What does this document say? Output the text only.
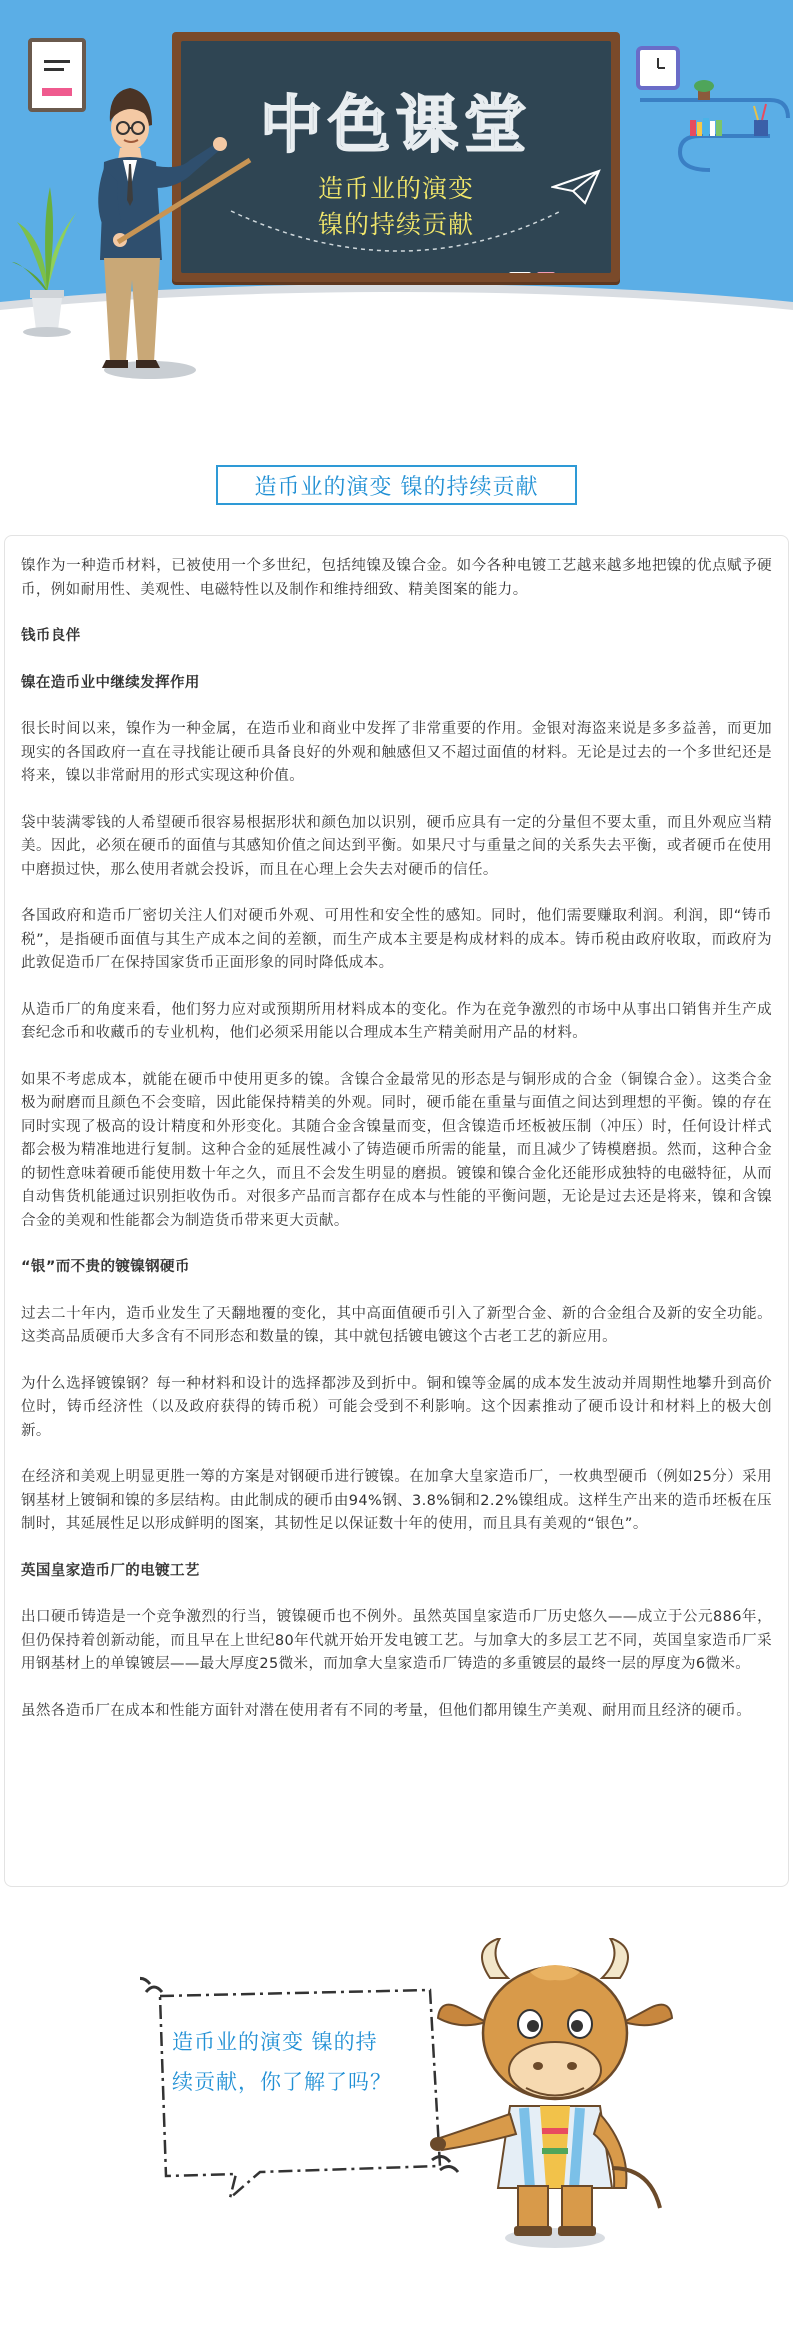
中色课堂
造币业的演变
镍的持续贡献
造币业的演变 镍的持续贡献

镍作为一种造币材料，已被使用一个多世纪，包括纯镍及镍合金。如今各种电镀工艺越来越多地把镍的优点赋予硬币，例如耐用性、美观性、电磁特性以及制作和维持细致、精美图案的能力。

钱币良伴

镍在造币业中继续发挥作用

很长时间以来，镍作为一种金属，在造币业和商业中发挥了非常重要的作用。金银对海盗来说是多多益善，而更加现实的各国政府一直在寻找能让硬币具备良好的外观和触感但又不超过面值的材料。无论是过去的一个多世纪还是将来，镍以非常耐用的形式实现这种价值。

袋中装满零钱的人希望硬币很容易根据形状和颜色加以识别，硬币应具有一定的分量但不要太重，而且外观应当精美。因此，必须在硬币的面值与其感知价值之间达到平衡。如果尺寸与重量之间的关系失去平衡，或者硬币在使用中磨损过快，那么使用者就会投诉，而且在心理上会失去对硬币的信任。

各国政府和造币厂密切关注人们对硬币外观、可用性和安全性的感知。同时，他们需要赚取利润。利润，即“铸币税”，是指硬币面值与其生产成本之间的差额，而生产成本主要是构成材料的成本。铸币税由政府收取，而政府为此敦促造币厂在保持国家货币正面形象的同时降低成本。

从造币厂的角度来看，他们努力应对或预期所用材料成本的变化。作为在竞争激烈的市场中从事出口销售并生产成套纪念币和收藏币的专业机构，他们必须采用能以合理成本生产精美耐用产品的材料。

如果不考虑成本，就能在硬币中使用更多的镍。含镍合金最常见的形态是与铜形成的合金（铜镍合金）。这类合金极为耐磨而且颜色不会变暗，因此能保持精美的外观。同时，硬币能在重量与面值之间达到理想的平衡。镍的存在同时实现了极高的设计精度和外形变化。其随合金含镍量而变，但含镍造币坯板被压制（冲压）时，任何设计样式都会极为精准地进行复制。这种合金的延展性减小了铸造硬币所需的能量，而且减少了铸模磨损。然而，这种合金的韧性意味着硬币能使用数十年之久，而且不会发生明显的磨损。镀镍和镍合金化还能形成独特的电磁特征，从而自动售货机能通过识别拒收伪币。对很多产品而言都存在成本与性能的平衡问题，无论是过去还是将来，镍和含镍合金的美观和性能都会为制造货币带来更大贡献。

“银”而不贵的镀镍钢硬币

过去二十年内，造币业发生了天翻地覆的变化，其中高面值硬币引入了新型合金、新的合金组合及新的安全功能。这类高品质硬币大多含有不同形态和数量的镍，其中就包括镀电镀这个古老工艺的新应用。

为什么选择镀镍钢？每一种材料和设计的选择都涉及到折中。铜和镍等金属的成本发生波动并周期性地攀升到高价位时，铸币经济性（以及政府获得的铸币税）可能会受到不利影响。这个因素推动了硬币设计和材料上的极大创新。

在经济和美观上明显更胜一筹的方案是对钢硬币进行镀镍。在加拿大皇家造币厂，一枚典型硬币（例如25分）采用钢基材上镀铜和镍的多层结构。由此制成的硬币由94%钢、3.8%铜和2.2%镍组成。这样生产出来的造币坯板在压制时，其延展性足以形成鲜明的图案，其韧性足以保证数十年的使用，而且具有美观的“银色”。

英国皇家造币厂的电镀工艺

出口硬币铸造是一个竞争激烈的行当，镀镍硬币也不例外。虽然英国皇家造币厂历史悠久——成立于公元886年，但仍保持着创新动能，而且早在上世纪80年代就开始开发电镀工艺。与加拿大的多层工艺不同，英国皇家造币厂采用钢基材上的单镍镀层——最大厚度25微米，而加拿大皇家造币厂铸造的多重镀层的最终一层的厚度为6微米。

虽然各造币厂在成本和性能方面针对潜在使用者有不同的考量，但他们都用镍生产美观、耐用而且经济的硬币。

造币业的演变 镍的持
续贡献，你了解了吗？
